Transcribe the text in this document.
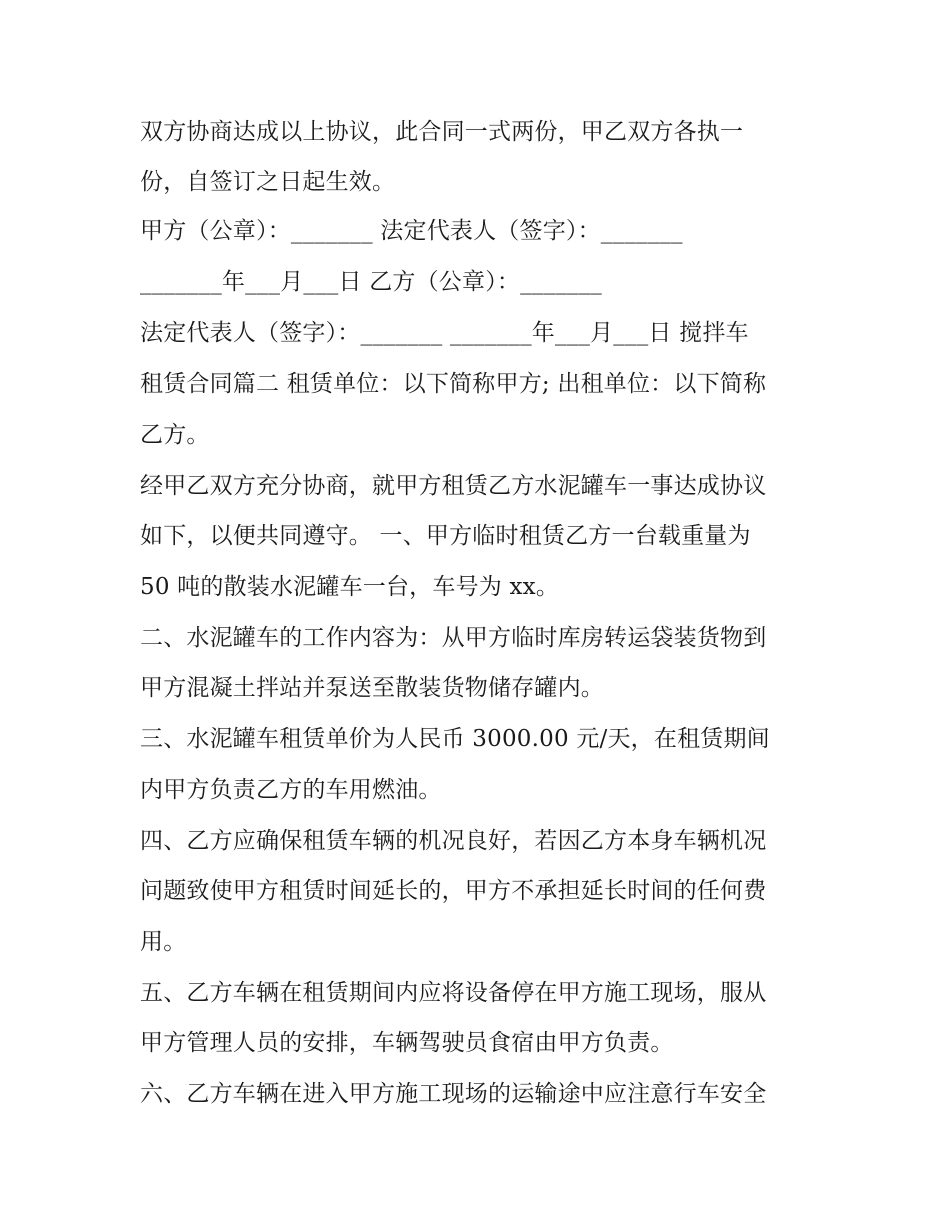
双方协商达成以上协议，此合同一式两份，甲乙双方各执一
份，自签订之日起生效。
甲方（公章）：_______ 法定代表人（签字）：_______
_______年___月___日 乙方（公章）：_______
法定代表人（签字）：_______ _______年___月___日 搅拌车
租赁合同篇二 租赁单位：以下简称甲方; 出租单位：以下简称
乙方。
经甲乙双方充分协商，就甲方租赁乙方水泥罐车一事达成协议
如下，以便共同遵守。 一、甲方临时租赁乙方一台载重量为
50 吨的散装水泥罐车一台，车号为 xx。
二、水泥罐车的工作内容为：从甲方临时库房转运袋装货物到
甲方混凝土拌站并泵送至散装货物储存罐内。
三、水泥罐车租赁单价为人民币 3000.00 元/天，在租赁期间
内甲方负责乙方的车用燃油。
四、乙方应确保租赁车辆的机况良好，若因乙方本身车辆机况
问题致使甲方租赁时间延长的，甲方不承担延长时间的任何费
用。
五、乙方车辆在租赁期间内应将设备停在甲方施工现场，服从
甲方管理人员的安排，车辆驾驶员食宿由甲方负责。
六、乙方车辆在进入甲方施工现场的运输途中应注意行车安全
